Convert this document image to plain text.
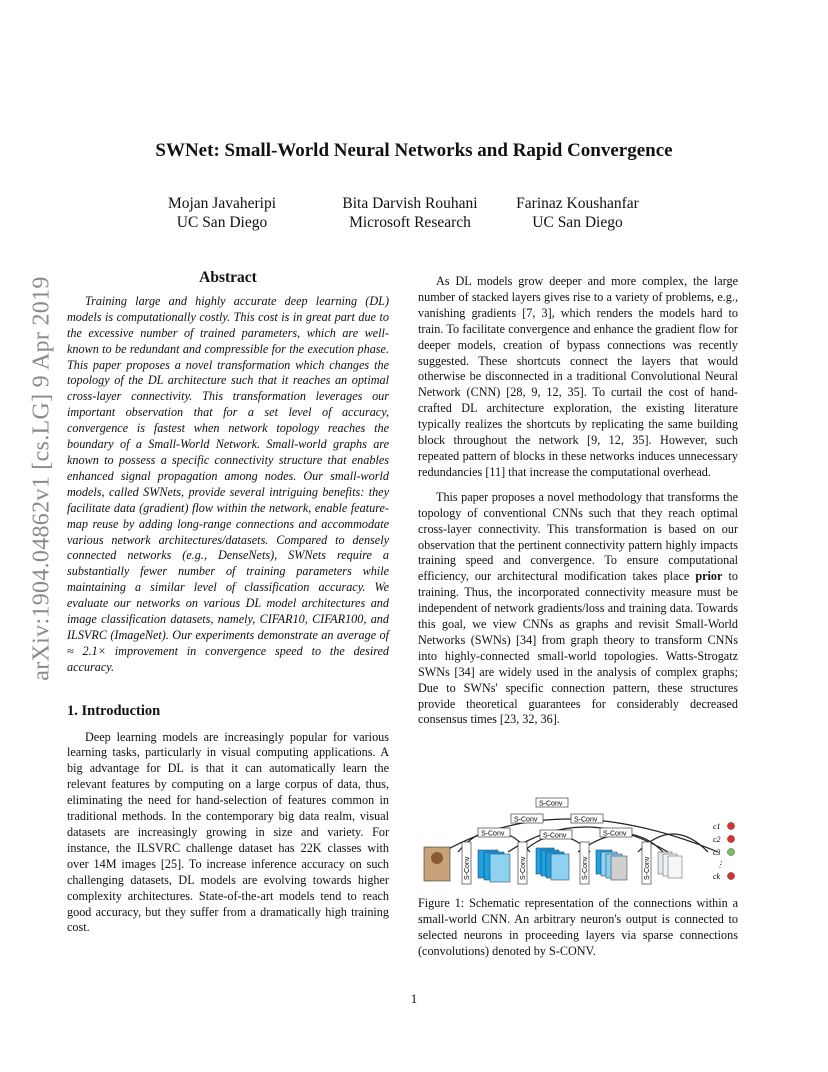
arXiv:1904.04862v1 [cs.LG] 9 Apr 2019
SWNet: Small-World Neural Networks and Rapid Convergence
Mojan Javaheripi
UC San Diego
Bita Darvish Rouhani
Microsoft Research
Farinaz Koushanfar
UC San Diego
Abstract

Training large and highly accurate deep learning (DL) models is computationally costly. This cost is in great part due to the excessive number of trained parameters, which are well-known to be redundant and compressible for the execution phase. This paper proposes a novel transformation which changes the topology of the DL architecture such that it reaches an optimal cross-layer connectivity. This transformation leverages our important observation that for a set level of accuracy, convergence is fastest when network topology reaches the boundary of a Small-World Network. Small-world graphs are known to possess a specific connectivity structure that enables enhanced signal propagation among nodes. Our small-world models, called SWNets, provide several intriguing benefits: they facilitate data (gradient) flow within the network, enable feature-map reuse by adding long-range connections and accommodate various network architectures/datasets. Compared to densely connected networks (e.g., DenseNets), SWNets require a substantially fewer number of training parameters while maintaining a similar level of classification accuracy. We evaluate our networks on various DL model architectures and image classification datasets, namely, CIFAR10, CIFAR100, and ILSVRC (ImageNet). Our experiments demonstrate an average of ≈ 2.1× improvement in convergence speed to the desired accuracy.

1. Introduction

Deep learning models are increasingly popular for various learning tasks, particularly in visual computing applications. A big advantage for DL is that it can automatically learn the relevant features by computing on a large corpus of data, thus, eliminating the need for hand-selection of features common in traditional methods. In the contemporary big data realm, visual datasets are increasingly growing in size and variety. For instance, the ILSVRC challenge dataset has 22K classes with over 14M images [25]. To increase inference accuracy on such challenging datasets, DL models are evolving towards higher complexity architectures. State-of-the-art models tend to reach good accuracy, but they suffer from a dramatically high training cost.

As DL models grow deeper and more complex, the large number of stacked layers gives rise to a variety of problems, e.g., vanishing gradients [7, 3], which renders the models hard to train. To facilitate convergence and enhance the gradient flow for deeper models, creation of bypass connections was recently suggested. These shortcuts connect the layers that would otherwise be disconnected in a traditional Convolutional Neural Network (CNN) [28, 9, 12, 35]. To curtail the cost of hand-crafted DL architecture exploration, the existing literature typically realizes the shortcuts by replicating the same building block throughout the network [9, 12, 35]. However, such repeated pattern of blocks in these networks induces unnecessary redundancies [11] that increase the computational overhead.

This paper proposes a novel methodology that transforms the topology of conventional CNNs such that they reach optimal cross-layer connectivity. This transformation is based on our observation that the pertinent connectivity pattern highly impacts training speed and convergence. To ensure computational efficiency, our architectural modification takes place prior to training. Thus, the incorporated connectivity measure must be independent of network gradients/loss and training data. Towards this goal, we view CNNs as graphs and revisit Small-World Networks (SWNs) [34] from graph theory to transform CNNs into highly-connected small-world topologies. Watts-Strogatz SWNs [34] are widely used in the analysis of complex graphs; Due to SWNs' specific connection pattern, these structures provide theoretical guarantees for considerably decreased consensus times [23, 32, 36].

S-Conv
S-Conv	S-Conv
S-Conv	S-Conv	S-Conv
S-Conv	S-Conv	S-Conv	S-Conv
c1
c2
c3
⋮
ck
Figure 1: Schematic representation of the connections within a small-world CNN. An arbitrary neuron's output is connected to selected neurons in proceeding layers via sparse connections (convolutions) denoted by S-CONV.
1
